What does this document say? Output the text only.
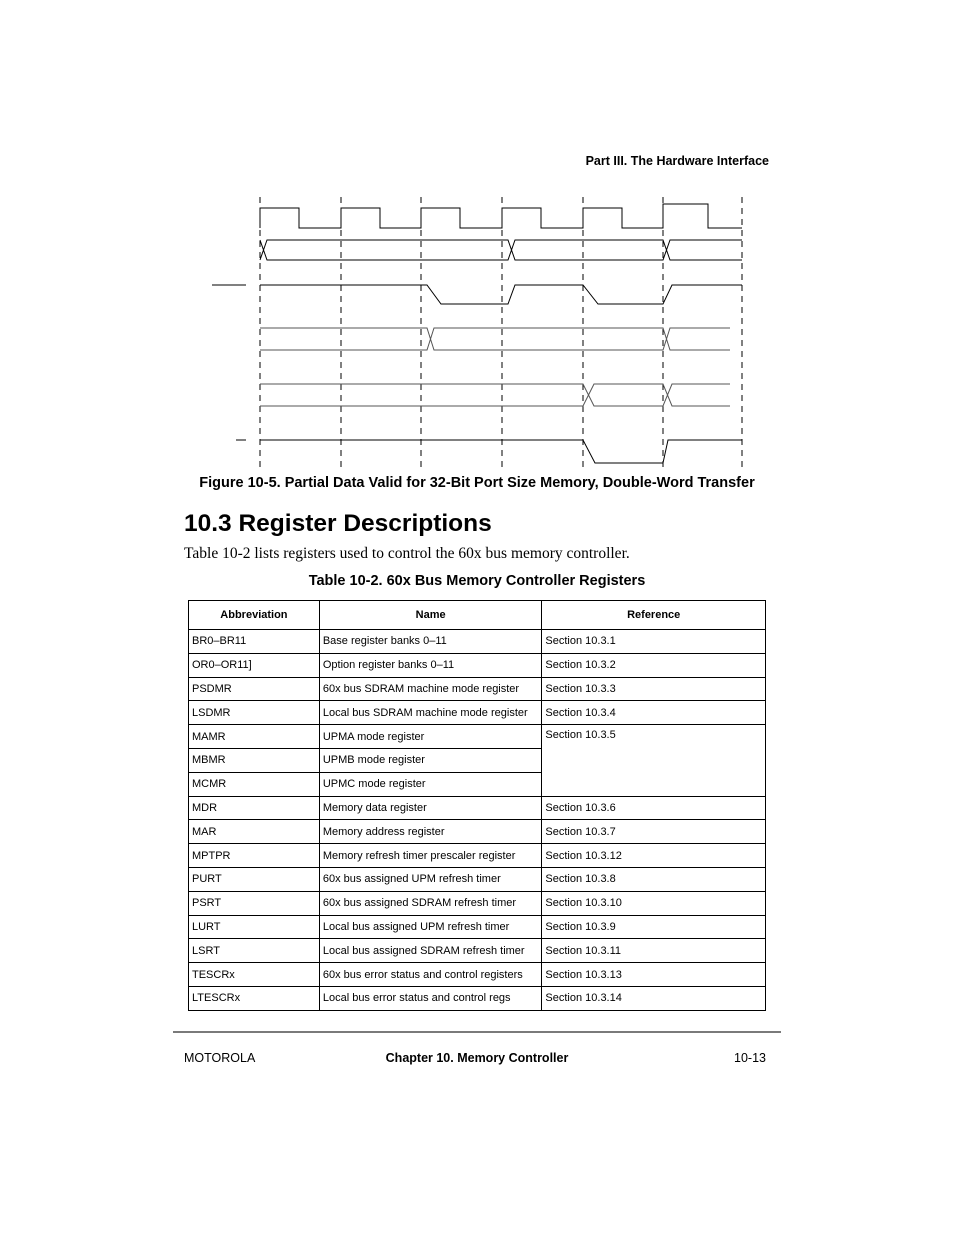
Part III. The Hardware Interface
Figure 10-5. Partial Data Valid for 32-Bit Port Size Memory, Double-Word Transfer
10.3 Register Descriptions
Table 10-2 lists registers used to control the 60x bus memory controller.
Table 10-2. 60x Bus Memory Controller Registers
Abbreviation	Name	Reference
BR0–BR11	Base register banks 0–11	Section 10.3.1
OR0–OR11]	Option register banks 0–11	Section 10.3.2
PSDMR	60x bus SDRAM machine mode register	Section 10.3.3
LSDMR	Local bus SDRAM machine mode register	Section 10.3.4
MAMR	UPMA mode register	Section 10.3.5
MBMR	UPMB mode register	
MCMR	UPMC mode register	
MDR	Memory data register	Section 10.3.6
MAR	Memory address register	Section 10.3.7
MPTPR	Memory refresh timer prescaler register	Section 10.3.12
PURT	60x bus assigned UPM refresh timer	Section 10.3.8
PSRT	60x bus assigned SDRAM refresh timer	Section 10.3.10
LURT	Local bus assigned UPM refresh timer	Section 10.3.9
LSRT	Local bus assigned SDRAM refresh timer	Section 10.3.11
TESCRx	60x bus error status and control registers	Section 10.3.13
LTESCRx	Local bus error status and control regs	Section 10.3.14
MOTOROLA	Chapter 10. Memory Controller	10-13
